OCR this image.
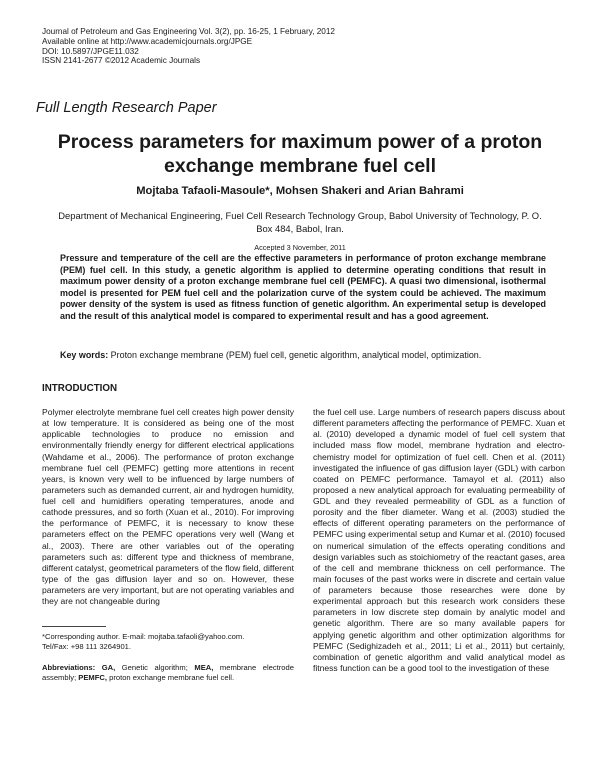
Journal of Petroleum and Gas Engineering Vol. 3(2), pp. 16-25, 1 February, 2012
Available online at http://www.academicjournals.org/JPGE
DOI: 10.5897/JPGE11.032
ISSN 2141-2677 ©2012 Academic Journals
Full Length Research Paper
Process parameters for maximum power of a proton exchange membrane fuel cell
Mojtaba Tafaoli-Masoule*, Mohsen Shakeri and Arian Bahrami
Department of Mechanical Engineering, Fuel Cell Research Technology Group, Babol University of Technology, P. O. Box 484, Babol, Iran.
Accepted 3 November, 2011
Pressure and temperature of the cell are the effective parameters in performance of proton exchange membrane (PEM) fuel cell. In this study, a genetic algorithm is applied to determine operating conditions that result in maximum power density of a proton exchange membrane fuel cell (PEMFC). A quasi two dimensional, isothermal model is presented for PEM fuel cell and the polarization curve of the system could be achieved. The maximum power density of the system is used as fitness function of genetic algorithm. An experimental setup is developed and the result of this analytical model is compared to experimental result and has a good agreement.
Key words: Proton exchange membrane (PEM) fuel cell, genetic algorithm, analytical model, optimization.
INTRODUCTION
Polymer electrolyte membrane fuel cell creates high power density at low temperature. It is considered as being one of the most applicable technologies to produce no emission and environmentally friendly energy for different electrical applications (Wahdame et al., 2006). The performance of proton exchange membrane fuel cell (PEMFC) getting more attentions in recent years, is known very well to be influenced by large numbers of parameters such as demanded current, air and hydrogen humidity, fuel cell and humidifiers operating temperatures, anode and cathode pressures, and so forth (Xuan et al., 2010). For improving the performance of PEMFC, it is necessary to know these parameters effect on the PEMFC operations very well (Wang et al., 2003). There are other variables out of the operating parameters such as: different type and thickness of membrane, different catalyst, geometrical parameters of the flow field, different type of the gas diffusion layer and so on. However, these parameters are very important, but are not operating variables and they are not changeable during
the fuel cell use. Large numbers of research papers discuss about different parameters affecting the performance of PEMFC. Xuan et al. (2010) developed a dynamic model of fuel cell system that included mass flow model, membrane hydration and electro-chemistry model for optimization of fuel cell. Chen et al. (2011) investigated the influence of gas diffusion layer (GDL) with carbon coated on PEMFC performance. Tamayol et al. (2011) also proposed a new analytical approach for evaluating permeability of GDL and they revealed permeability of GDL as a function of porosity and the fiber diameter. Wang et al. (2003) studied the effects of different operating parameters on the performance of PEMFC using experimental setup and Kumar et al. (2010) focused on numerical simulation of the effects operating conditions and design variables such as stoichiometry of the reactant gases, area of the cell and membrane thickness on cell performance. The main focuses of the past works were in discrete and certain value of parameters because those researches were done by experimental approach but this research work considers these parameters in low discrete step domain by analytic model and genetic algorithm. There are so many available papers for applying genetic algorithm and other optimization algorithms for PEMFC (Sedighizadeh et al., 2011; Li et al., 2011) but certainly, combination of genetic algorithm and valid analytical model as fitness function can be a good tool to the investigation of these
*Corresponding author. E-mail: mojtaba.tafaoli@yahoo.com.
Tel/Fax: +98 111 3264901.
Abbreviations: GA, Genetic algorithm; MEA, membrane electrode assembly; PEMFC, proton exchange membrane fuel cell.
